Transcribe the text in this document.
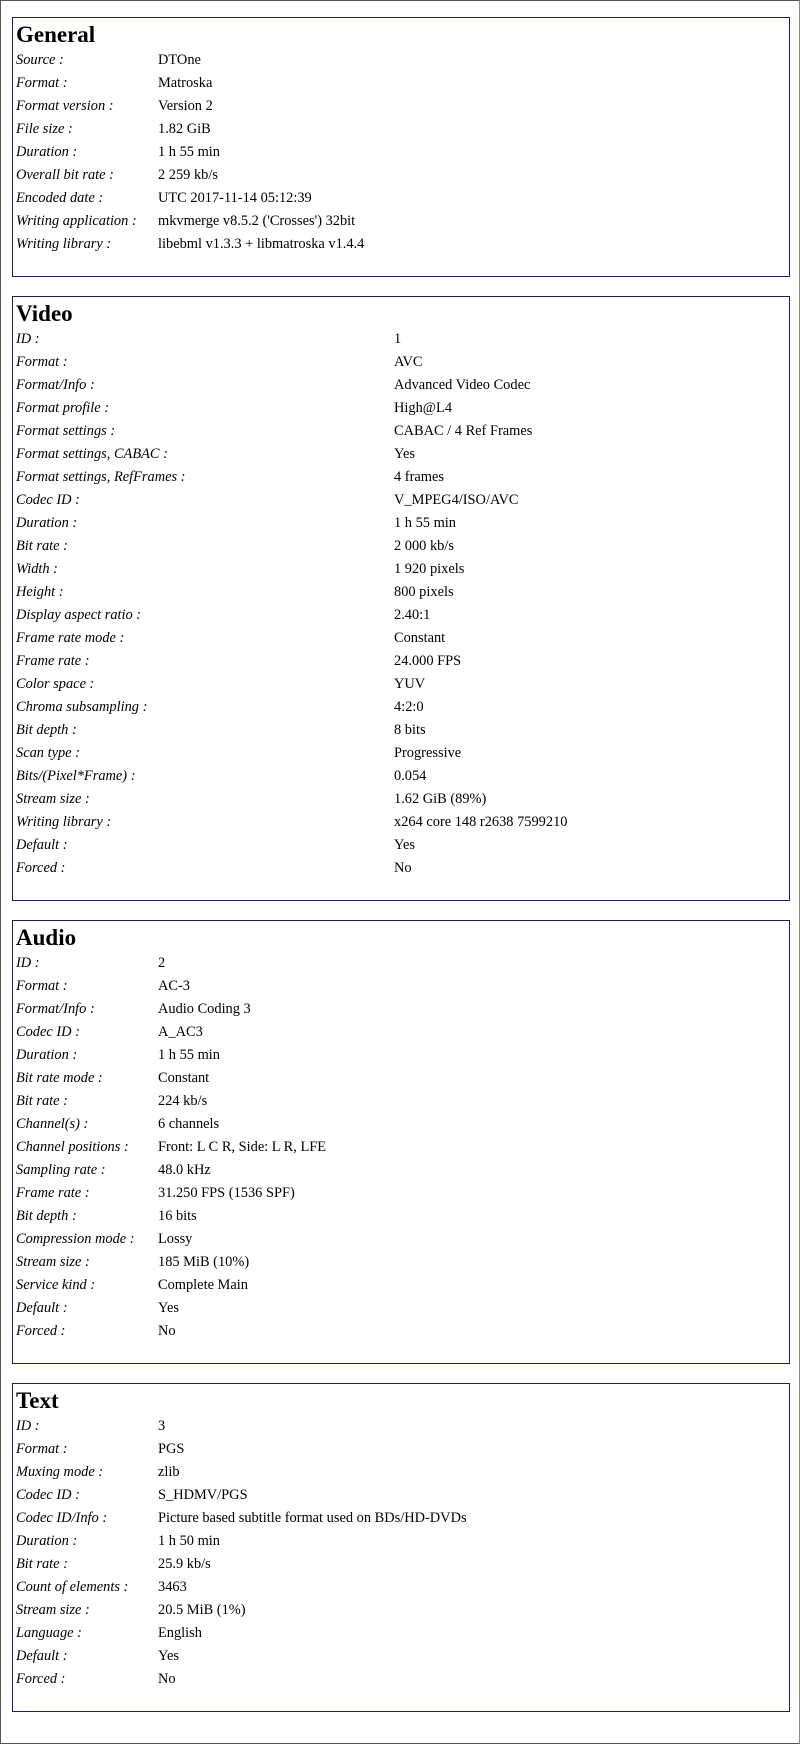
General
Source :	DTOne
Format :	Matroska
Format version :	Version 2
File size :	1.82 GiB
Duration :	1 h 55 min
Overall bit rate :	2 259 kb/s
Encoded date :	UTC 2017-11-14 05:12:39
Writing application : mkvmerge v8.5.2 ('Crosses') 32bit
Writing library :	libebml v1.3.3 + libmatroska v1.4.4
Video
ID :	1
Format :	AVC
Format/Info :	Advanced Video Codec
Format profile :	High@L4
Format settings :	CABAC / 4 Ref Frames
Format settings, CABAC :	Yes
Format settings, RefFrames :	4 frames
Codec ID :	V_MPEG4/ISO/AVC
Duration :	1 h 55 min
Bit rate :	2 000 kb/s
Width :	1 920 pixels
Height :	800 pixels
Display aspect ratio :	2.40:1
Frame rate mode :	Constant
Frame rate :	24.000 FPS
Color space :	YUV
Chroma subsampling :	4:2:0
Bit depth :	8 bits
Scan type :	Progressive
Bits/(Pixel*Frame) :	0.054
Stream size :	1.62 GiB (89%)
Writing library :	x264 core 148 r2638 7599210
Default :	Yes
Forced :	No
Audio
ID :	2
Format :	AC-3
Format/Info :	Audio Coding 3
Codec ID :	A_AC3
Duration :	1 h 55 min
Bit rate mode :	Constant
Bit rate :	224 kb/s
Channel(s) :	6 channels
Channel positions : Front: L C R, Side: L R, LFE
Sampling rate :	48.0 kHz
Frame rate :	31.250 FPS (1536 SPF)
Bit depth :	16 bits
Compression mode : Lossy
Stream size :	185 MiB (10%)
Service kind :	Complete Main
Default :	Yes
Forced :	No
Text
ID :	3
Format :	PGS
Muxing mode :	zlib
Codec ID :	S_HDMV/PGS
Codec ID/Info :	Picture based subtitle format used on BDs/HD-DVDs
Duration :	1 h 50 min
Bit rate :	25.9 kb/s
Count of elements : 3463
Stream size :	20.5 MiB (1%)
Language :	English
Default :	Yes
Forced :	No
